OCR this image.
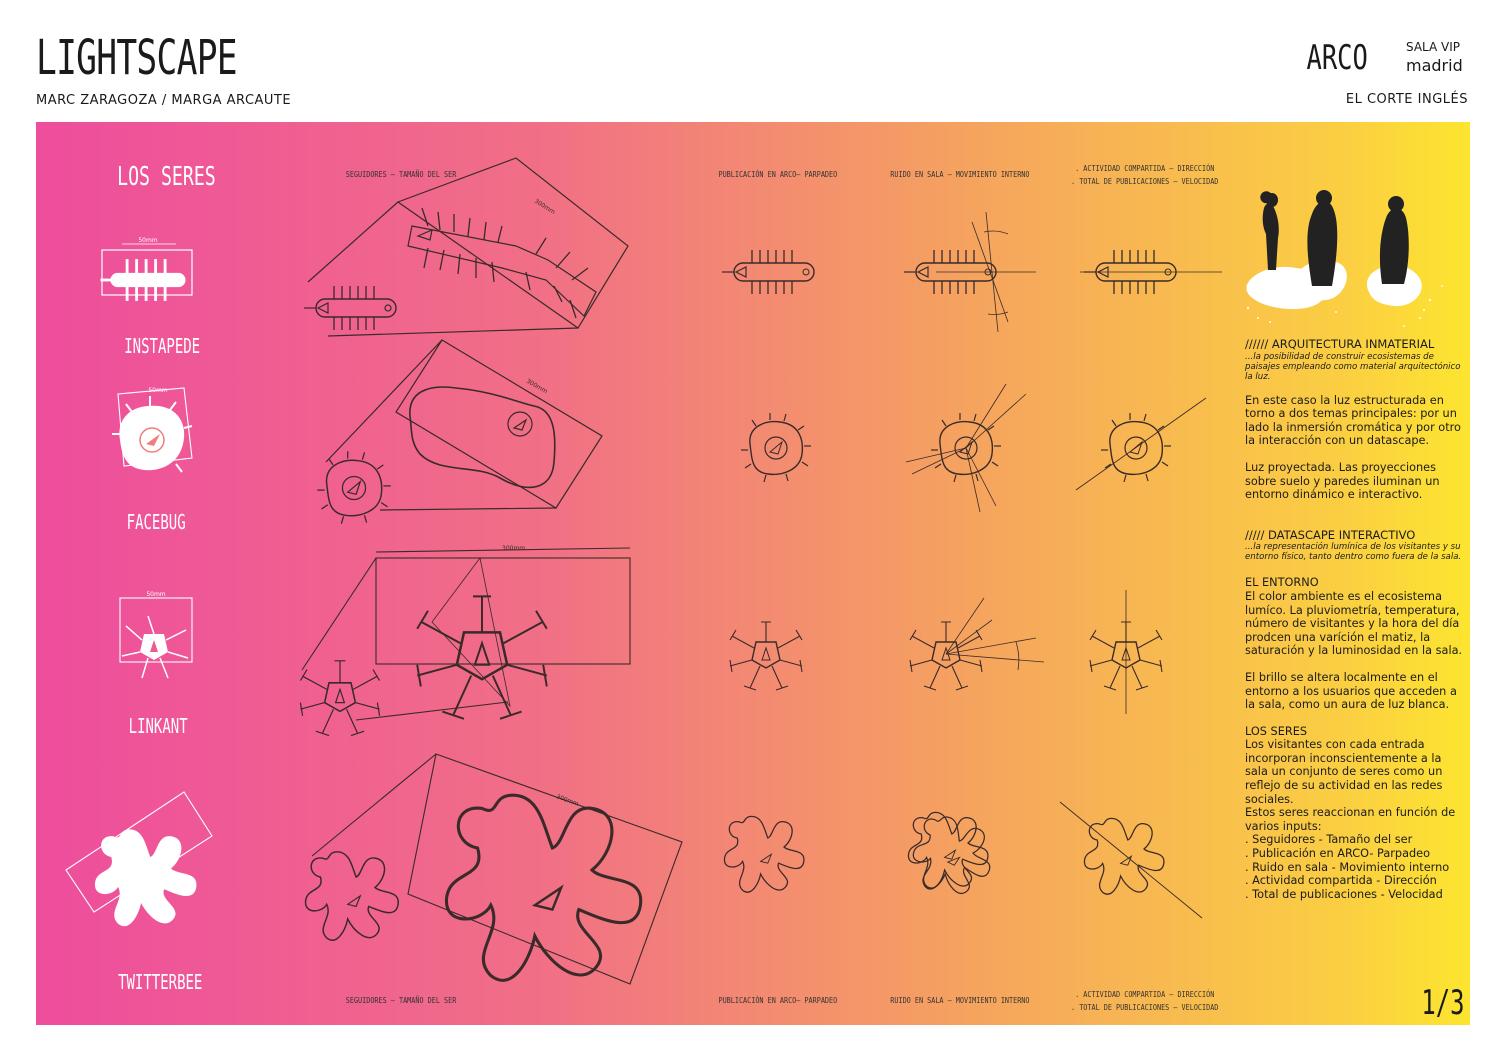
LIGHTSCAPE
MARC ZARAGOZA / MARGA ARCAUTE
ARCO	SALA VIP
madrid
EL CORTE INGLÉS
LOS SERES
INSTAPEDE
FACEBUG
LINKANT
TWITTERBEE
SEGUIDORES – TAMAÑO DEL SER	PUBLICACIÓN EN ARCO– PARPADEO	RUIDO EN SALA – MOVIMIENTO INTERNO
. ACTIVIDAD COMPARTIDA – DIRECCIÓN
. TOTAL DE PUBLICACIONES – VELOCIDAD
SEGUIDORES – TAMAÑO DEL SER	PUBLICACIÓN EN ARCO– PARPADEO	RUIDO EN SALA – MOVIMIENTO INTERNO
. ACTIVIDAD COMPARTIDA – DIRECCIÓN
. TOTAL DE PUBLICACIONES – VELOCIDAD
50mm
50mm
50mm
50mm
300mm
300mm
300mm
300mm
////// ARQUITECTURA INMATERIAL
...la posibilidad de construir ecosistemas de paisajes empleando como material arquitectónico la luz.
En este caso la luz estructurada en torno a dos temas principales: por un lado la inmersión cromática y por otro la interacción con un datascape.
Luz proyectada. Las proyecciones sobre suelo y paredes iluminan un entorno dinámico e interactivo.
///// DATASCAPE INTERACTIVO
...la representación lumínica de los visitantes y su entorno físico, tanto dentro como fuera de la sala.
EL ENTORNO
El color ambiente es el ecosistema lumíco. La pluviometría, temperatura, número de visitantes y la hora del día prodcen una varíción el matiz, la saturación y la luminosidad en la sala.
El brillo se altera localmente en el entorno a los usuarios que acceden a la sala, como un aura de luz blanca.
LOS SERES
Los visitantes con cada entrada incorporan inconscientemente a la sala un conjunto de seres como un reflejo de su actividad en las redes sociales.
Estos seres reaccionan en función de varios inputs:
. Seguidores - Tamaño del ser
. Publicación en ARCO- Parpadeo
. Ruido en sala - Movimiento interno
. Actividad compartida - Dirección
. Total de publicaciones - Velocidad
1/3
